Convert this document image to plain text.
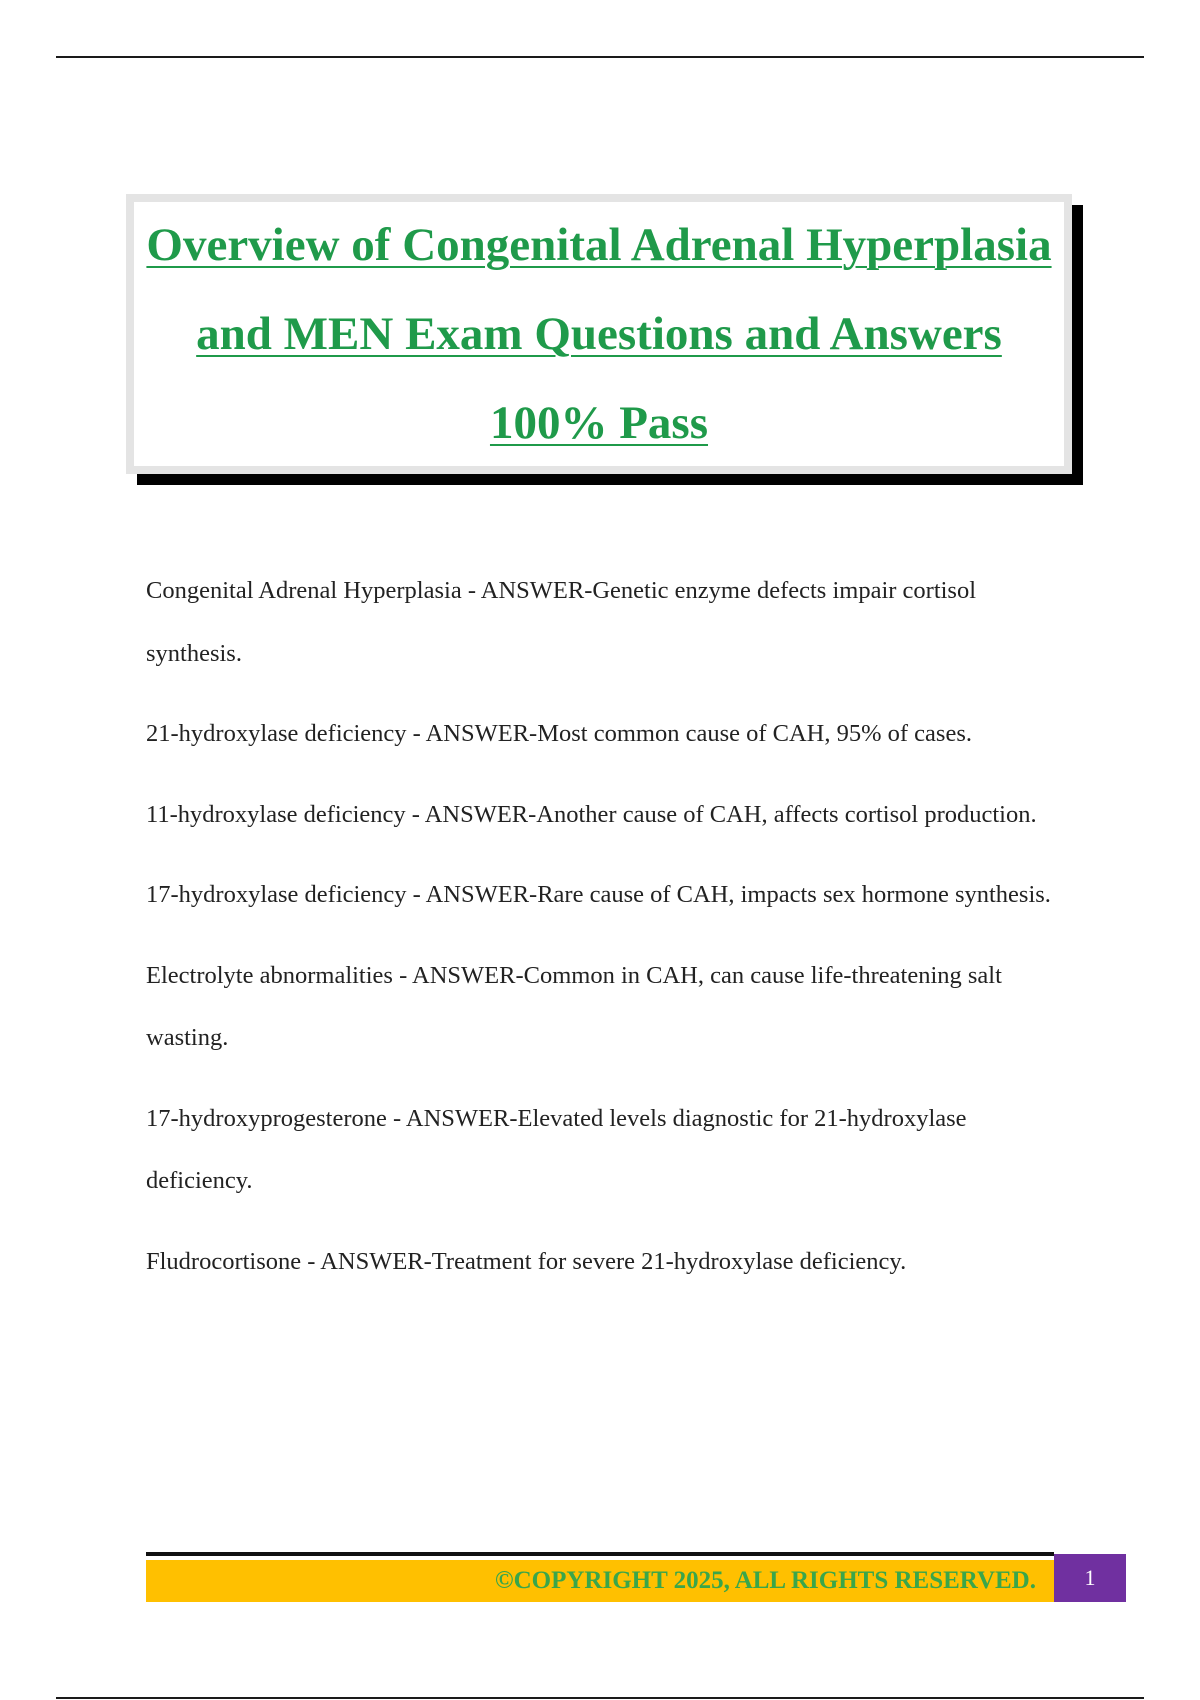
Overview of Congenital Adrenal Hyperplasia and MEN Exam Questions and Answers 100% Pass

Congenital Adrenal Hyperplasia - ANSWER-Genetic enzyme defects impair cortisol synthesis.

21-hydroxylase deficiency - ANSWER-Most common cause of CAH, 95% of cases.

11-hydroxylase deficiency - ANSWER-Another cause of CAH, affects cortisol production.

17-hydroxylase deficiency - ANSWER-Rare cause of CAH, impacts sex hormone synthesis.

Electrolyte abnormalities - ANSWER-Common in CAH, can cause life-threatening salt wasting.

17-hydroxyprogesterone - ANSWER-Elevated levels diagnostic for 21-hydroxylase deficiency.

Fludrocortisone - ANSWER-Treatment for severe 21-hydroxylase deficiency.

©COPYRIGHT 2025, ALL RIGHTS RESERVED.	1
